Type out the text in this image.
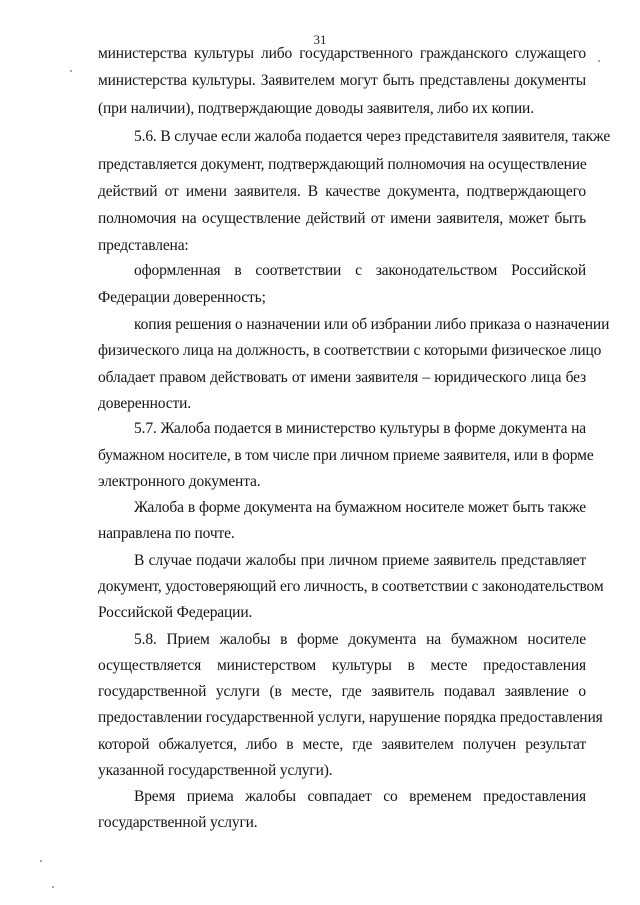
31
министерства культуры либо государственного гражданского служащего
министерства культуры. Заявителем могут быть представлены документы
(при наличии), подтверждающие доводы заявителя, либо их копии.
5.6. В случае если жалоба подается через представителя заявителя, также
представляется документ, подтверждающий полномочия на осуществление
действий от имени заявителя. В качестве документа, подтверждающего
полномочия на осуществление действий от имени заявителя, может быть
представлена:
оформленная в соответствии с законодательством Российской
Федерации доверенность;
копия решения о назначении или об избрании либо приказа о назначении
физического лица на должность, в соответствии с которыми физическое лицо
обладает правом действовать от имени заявителя – юридического лица без
доверенности.
5.7. Жалоба подается в министерство культуры в форме документа на
бумажном носителе, в том числе при личном приеме заявителя, или в форме
электронного документа.
Жалоба в форме документа на бумажном носителе может быть также
направлена по почте.
В случае подачи жалобы при личном приеме заявитель представляет
документ, удостоверяющий его личность, в соответствии с законодательством
Российской Федерации.
5.8. Прием жалобы в форме документа на бумажном носителе
осуществляется министерством культуры в месте предоставления
государственной услуги (в месте, где заявитель подавал заявление о
предоставлении государственной услуги, нарушение порядка предоставления
которой обжалуется, либо в месте, где заявителем получен результат
указанной государственной услуги).
Время приема жалобы совпадает со временем предоставления
государственной услуги.
